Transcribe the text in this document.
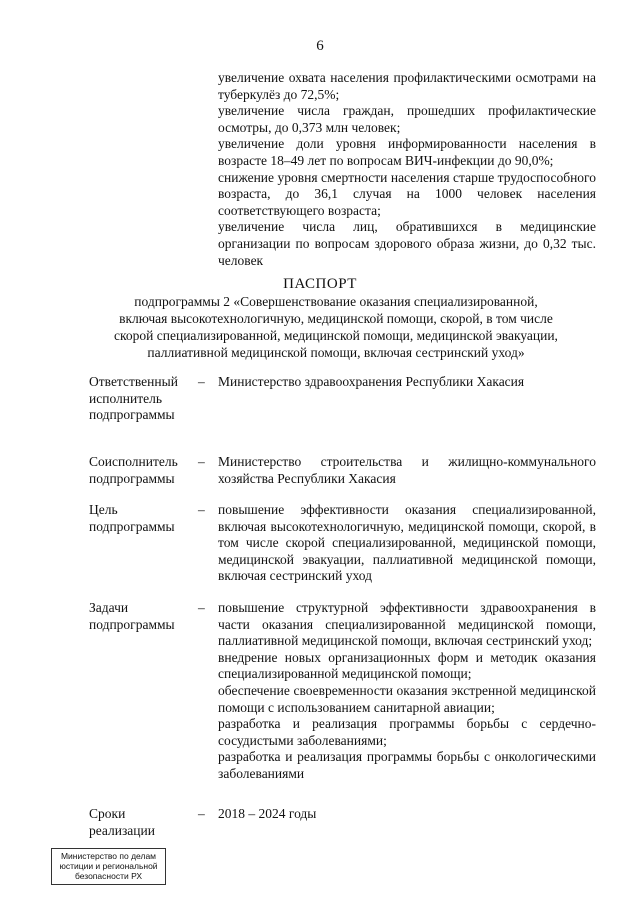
6

увеличение охвата населения профилактическими осмотрами на туберкулёз до 72,5%;

увеличение числа граждан, прошедших профилактические осмотры, до 0,373 млн человек;

увеличение доли уровня информированности населения в возрасте 18–49 лет по вопросам ВИЧ-инфекции до 90,0%;

снижение уровня смертности населения старше трудоспособного возраста, до 36,1 случая на 1000 человек населения соответствующего возраста;

увеличение числа лиц, обратившихся в медицинские организации по вопросам здорового образа жизни, до 0,32 тыс. человек

ПАСПОРТ
подпрограммы 2 «Совершенствование оказания специализированной,
включая высокотехнологичную, медицинской помощи, скорой, в том числе
скорой специализированной, медицинской помощи, медицинской эвакуации,
паллиативной медицинской помощи, включая сестринский уход»
Ответственный
исполнитель
подпрограммы
– Министерство здравоохранения Республики Хакасия

Соисполнитель
подпрограммы
– Министерство строительства и жилищно-коммунального хозяйства Республики Хакасия

Цель
подпрограммы
– повышение эффективности оказания специализированной, включая высокотехнологичную, медицинской помощи, скорой, в том числе скорой специализированной, медицинской помощи, медицинской эвакуации, паллиативной медицинской помощи, включая сестринский уход

Задачи
подпрограммы
– повышение структурной эффективности здравоохранения в части оказания специализированной медицинской помощи, паллиативной медицинской помощи, включая сестринский уход;

внедрение новых организационных форм и методик оказания специализированной медицинской помощи;

обеспечение своевременности оказания экстренной медицинской помощи с использованием санитарной авиации;

разработка и реализация программы борьбы с сердечно-сосудистыми заболеваниями;

разработка и реализация программы борьбы с онкологическими заболеваниями

Сроки
реализации
– 2018 – 2024 годы

Министерство по делам
юстиции и региональной
безопасности РХ
